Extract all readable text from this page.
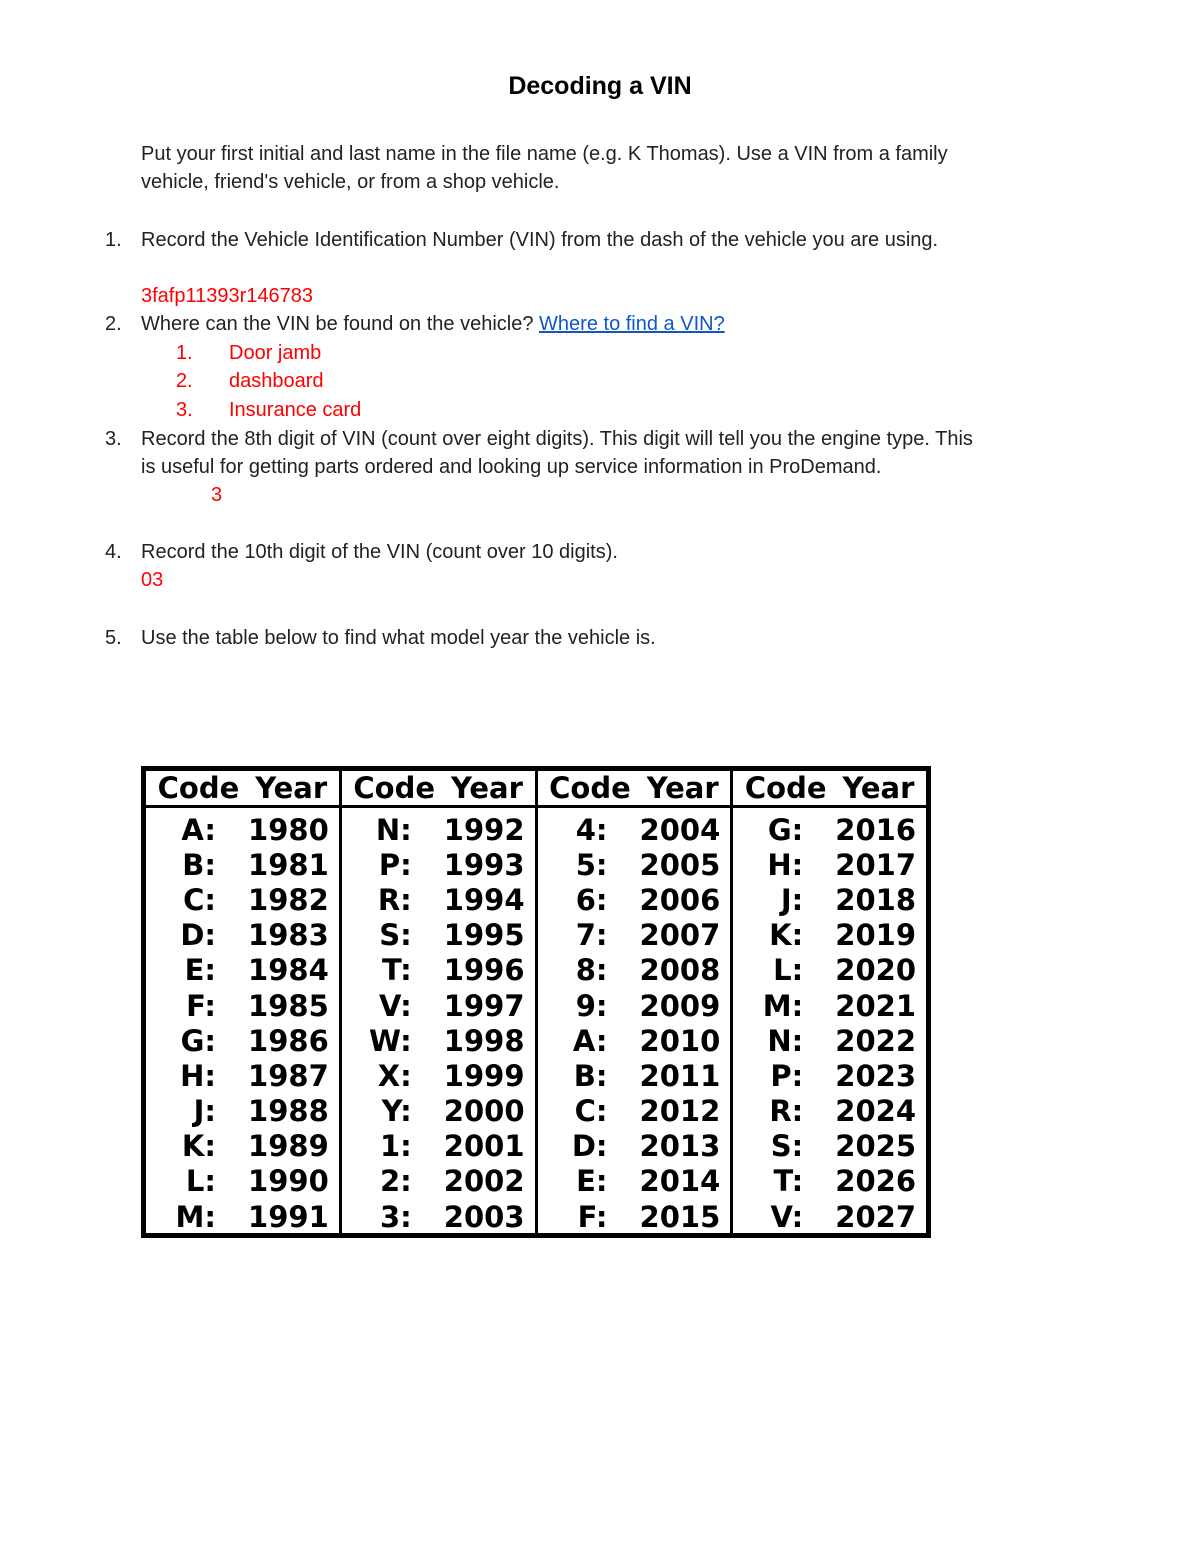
Decoding a VIN
Put your first initial and last name in the file name (e.g. K Thomas). Use a VIN from a family
vehicle, friend's vehicle, or from a shop vehicle.
1. Record the Vehicle Identification Number (VIN) from the dash of the vehicle you are using.
3fafp11393r146783
2. Where can the VIN be found on the vehicle? Where to find a VIN?
1. Door jamb
2. dashboard
3. Insurance card
3. Record the 8th digit of VIN (count over eight digits). This digit will tell you the engine type. This
is useful for getting parts ordered and looking up service information in ProDemand.
3
4. Record the 10th digit of the VIN (count over 10 digits).
03
5. Use the table below to find what model year the vehicle is.
Code Year
A:	1980
B:	1981
C:	1982
D:	1983
E:	1984
F:	1985
G:	1986
H:	1987
J:	1988
K:	1989
L:	1990
M:	1991
Code Year
N:	1992
P:	1993
R:	1994
S:	1995
T:	1996
V:	1997
W:	1998
X:	1999
Y:	2000
1:	2001
2:	2002
3:	2003
Code Year
4:	2004
5:	2005
6:	2006
7:	2007
8:	2008
9:	2009
A:	2010
B:	2011
C:	2012
D:	2013
E:	2014
F:	2015
Code Year
G:	2016
H:	2017
J:	2018
K:	2019
L:	2020
M:	2021
N:	2022
P:	2023
R:	2024
S:	2025
T:	2026
V:	2027
